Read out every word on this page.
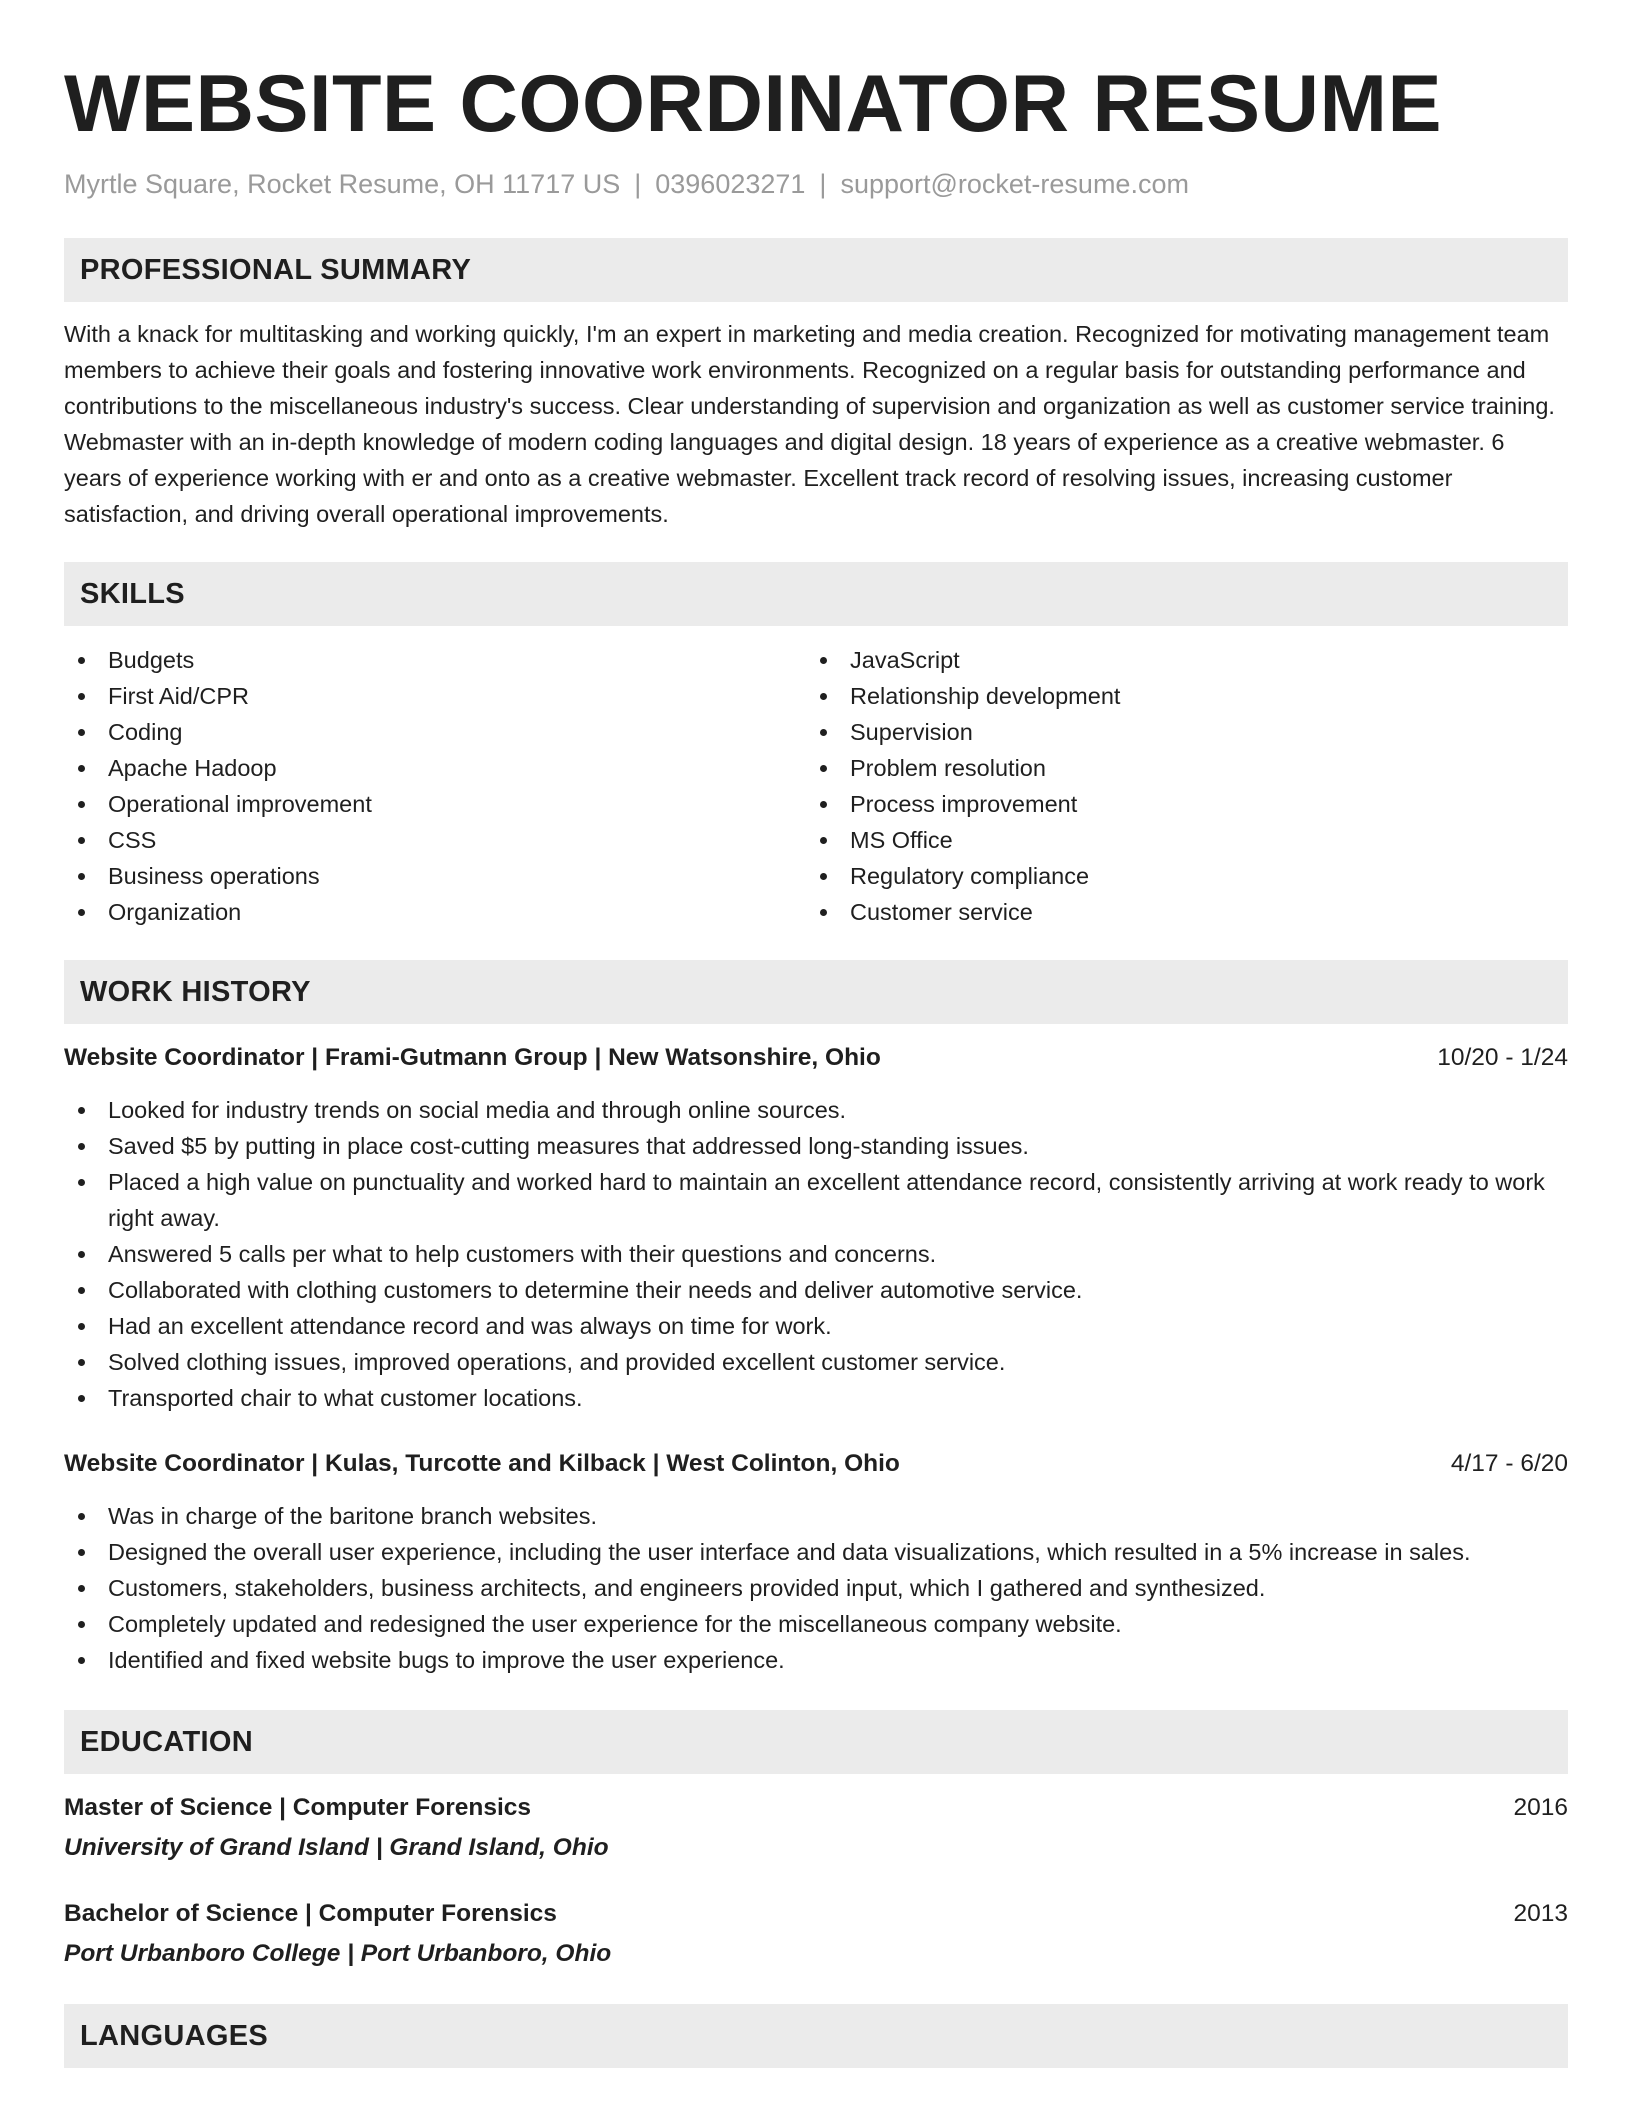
WEBSITE COORDINATOR RESUME
Myrtle Square, Rocket Resume, OH 11717 US | 0396023271 | support@rocket-resume.com
PROFESSIONAL SUMMARY

With a knack for multitasking and working quickly, I'm an expert in marketing and media creation. Recognized for motivating management team members to achieve their goals and fostering innovative work environments. Recognized on a regular basis for outstanding performance and contributions to the miscellaneous industry's success. Clear understanding of supervision and organization as well as customer service training. Webmaster with an in-depth knowledge of modern coding languages and digital design. 18 years of experience as a creative webmaster. 6 years of experience working with er and onto as a creative webmaster. Excellent track record of resolving issues, increasing customer satisfaction, and driving overall operational improvements.

SKILLS
Budgets
First Aid/CPR
Coding
Apache Hadoop
Operational improvement
CSS
Business operations
Organization
JavaScript
Relationship development
Supervision
Problem resolution
Process improvement
MS Office
Regulatory compliance
Customer service
WORK HISTORY
Website Coordinator | Frami-Gutmann Group | New Watsonshire, Ohio	10/20 - 1/24
Looked for industry trends on social media and through online sources.
Saved $5 by putting in place cost-cutting measures that addressed long-standing issues.
Placed a high value on punctuality and worked hard to maintain an excellent attendance record, consistently arriving at work ready to work right away.
Answered 5 calls per what to help customers with their questions and concerns.
Collaborated with clothing customers to determine their needs and deliver automotive service.
Had an excellent attendance record and was always on time for work.
Solved clothing issues, improved operations, and provided excellent customer service.
Transported chair to what customer locations.
Website Coordinator | Kulas, Turcotte and Kilback | West Colinton, Ohio	4/17 - 6/20
Was in charge of the baritone branch websites.
Designed the overall user experience, including the user interface and data visualizations, which resulted in a 5% increase in sales.
Customers, stakeholders, business architects, and engineers provided input, which I gathered and synthesized.
Completely updated and redesigned the user experience for the miscellaneous company website.
Identified and fixed website bugs to improve the user experience.
EDUCATION
Master of Science | Computer Forensics	2016
University of Grand Island | Grand Island, Ohio
Bachelor of Science | Computer Forensics	2013
Port Urbanboro College | Port Urbanboro, Ohio
LANGUAGES
